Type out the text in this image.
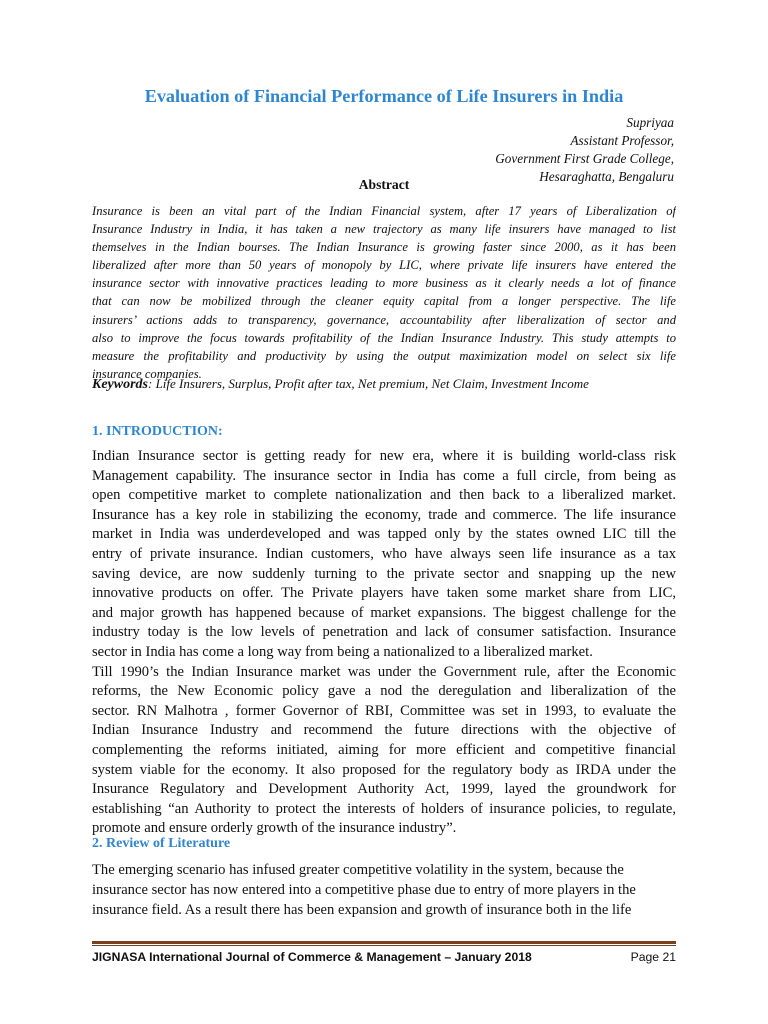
Evaluation of Financial Performance of Life Insurers in India
Supriyaa
Assistant Professor,
Government First Grade College,
Hesaraghatta, Bengaluru
Abstract
Insurance is been an vital part of the Indian Financial system, after 17 years of Liberalization of
Insurance Industry in India, it has taken a new trajectory as many life insurers have managed to list
themselves in the Indian bourses. The Indian Insurance is growing faster since 2000, as it has been
liberalized after more than 50 years of monopoly by LIC, where private life insurers have entered the
insurance sector with innovative practices leading to more business as it clearly needs a lot of finance
that can now be mobilized through the cleaner equity capital from a longer perspective. The life
insurers’ actions adds to transparency, governance, accountability after liberalization of sector and
also to improve the focus towards profitability of the Indian Insurance Industry. This study attempts to
measure the profitability and productivity by using the output maximization model on select six life
insurance companies.
Keywords: Life Insurers, Surplus, Profit after tax, Net premium, Net Claim, Investment Income
1. INTRODUCTION:
Indian Insurance sector is getting ready for new era, where it is building world-class risk
Management capability. The insurance sector in India has come a full circle, from being as
open competitive market to complete nationalization and then back to a liberalized market.
Insurance has a key role in stabilizing the economy, trade and commerce. The life insurance
market in India was underdeveloped and was tapped only by the states owned LIC till the
entry of private insurance. Indian customers, who have always seen life insurance as a tax
saving device, are now suddenly turning to the private sector and snapping up the new
innovative products on offer. The Private players have taken some market share from LIC,
and major growth has happened because of market expansions. The biggest challenge for the
industry today is the low levels of penetration and lack of consumer satisfaction. Insurance
sector in India has come a long way from being a nationalized to a liberalized market.
Till 1990’s the Indian Insurance market was under the Government rule, after the Economic
reforms, the New Economic policy gave a nod the deregulation and liberalization of the
sector. RN Malhotra , former Governor of RBI, Committee was set in 1993, to evaluate the
Indian Insurance Industry and recommend the future directions with the objective of
complementing the reforms initiated, aiming for more efficient and competitive financial
system viable for the economy. It also proposed for the regulatory body as IRDA under the
Insurance Regulatory and Development Authority Act, 1999, layed the groundwork for
establishing “an Authority to protect the interests of holders of insurance policies, to regulate,
promote and ensure orderly growth of the insurance industry”.
2. Review of Literature
The emerging scenario has infused greater competitive volatility in the system, because the
insurance sector has now entered into a competitive phase due to entry of more players in the
insurance field. As a result there has been expansion and growth of insurance both in the life
JIGNASA International Journal of Commerce & Management – January 2018	Page 21
